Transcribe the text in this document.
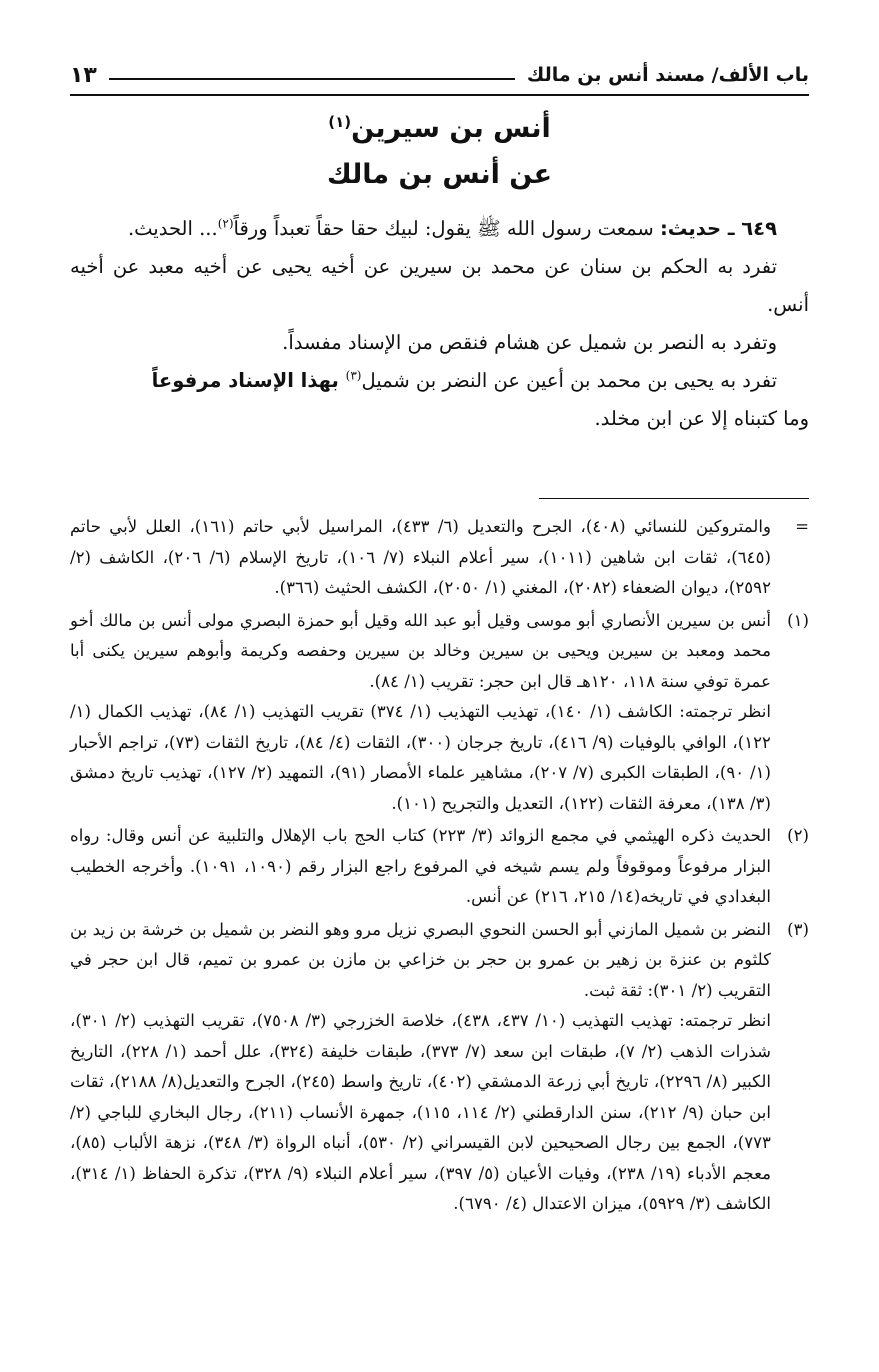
باب الألف/ مسند أنس بن مالك
١٣
أنس بن سيرين$^{(١)}$
عن أنس بن مالك

٦٤٩ ـ حديث: سمعت رسول الله ﷺ يقول: لبيك حقا حقاً تعبداً ورقاً$^{(٢)}$... الحديث.

تفرد به الحكم بن سنان عن محمد بن سيرين عن أخيه يحيى عن أخيه معبد عن أخيه أنس.

وتفرد به النصر بن شميل عن هشام فنقص من الإسناد مفسداً.

تفرد به يحيى بن محمد بن أعين عن النضر بن شميل$^{(٣)}$ بهذا الإسناد مرفوعاً

وما كتبناه إلا عن ابن مخلد.

=

والمتروكين للنسائي (٤٠٨)، الجرح والتعديل (٦/ ٤٣٣)، المراسيل لأبي حاتم (١٦١)، العلل لأبي حاتم (٦٤٥)، ثقات ابن شاهين (١٠١١)، سير أعلام النبلاء (٧/ ١٠٦)، تاريخ الإسلام (٦/ ٢٠٦)، الكاشف (٢/ ٢٥٩٢)، ديوان الضعفاء (٢٠٨٢)، المغني (١/ ٢٠٥٠)، الكشف الحثيث (٣٦٦).

(١)

أنس بن سيرين الأنصاري أبو موسى وقيل أبو عبد الله وقيل أبو حمزة البصري مولى أنس بن مالك أخو محمد ومعبد بن سيرين ويحيى بن سيرين وخالد بن سيرين وحفصه وكريمة وأبوهم سيرين يكنى أبا عمرة توفي سنة ١١٨، ١٢٠هـ قال ابن حجر: تقريب (١/ ٨٤).

انظر ترجمته: الكاشف (١/ ١٤٠)، تهذيب التهذيب (١/ ٣٧٤) تقريب التهذيب (١/ ٨٤)، تهذيب الكمال (١/ ١٢٢)، الوافي بالوفيات (٩/ ٤١٦)، تاريخ جرجان (٣٠٠)، الثقات (٤/ ٨٤)، تاريخ الثقات (٧٣)، تراجم الأحبار (١/ ٩٠)، الطبقات الكبرى (٧/ ٢٠٧)، مشاهير علماء الأمصار (٩١)، التمهيد (٢/ ١٢٧)، تهذيب تاريخ دمشق (٣/ ١٣٨)، معرفة الثقات (١٢٢)، التعديل والتجريح (١٠١).

(٢)

الحديث ذكره الهيثمي في مجمع الزوائد (٣/ ٢٢٣) كتاب الحج باب الإهلال والتلبية عن أنس وقال: رواه البزار مرفوعاً وموقوفاً ولم يسم شيخه في المرفوع راجع البزار رقم (١٠٩٠، ١٠٩١). وأخرجه الخطيب البغدادي في تاريخه(١٤/ ٢١٥، ٢١٦) عن أنس.

(٣)

النضر بن شميل المازني أبو الحسن النحوي البصري نزيل مرو وهو النضر بن شميل بن خرشة بن زيد بن كلثوم بن عنزة بن زهير بن عمرو بن حجر بن خزاعي بن مازن بن عمرو بن تميم، قال ابن حجر في التقريب (٢/ ٣٠١): ثقة ثبت.

انظر ترجمته: تهذيب التهذيب (١٠/ ٤٣٧، ٤٣٨)، خلاصة الخزرجي (٣/ ٧٥٠٨)، تقريب التهذيب (٢/ ٣٠١)، شذرات الذهب (٢/ ٧)، طبقات ابن سعد (٧/ ٣٧٣)، طبقات خليفة (٣٢٤)، علل أحمد (١/ ٢٢٨)، التاريخ الكبير (٨/ ٢٢٩٦)، تاريخ أبي زرعة الدمشقي (٤٠٢)، تاريخ واسط (٢٤٥)، الجرح والتعديل(٨/ ٢١٨٨)، ثقات ابن حبان (٩/ ٢١٢)، سنن الدارقطني (٢/ ١١٤، ١١٥)، جمهرة الأنساب (٢١١)، رجال البخاري للباجي (٢/ ٧٧٣)، الجمع بين رجال الصحيحين لابن القيسراني (٢/ ٥٣٠)، أنباه الرواة (٣/ ٣٤٨)، نزهة الألباب (٨٥)، معجم الأدباء (١٩/ ٢٣٨)، وفيات الأعيان (٥/ ٣٩٧)، سير أعلام النبلاء (٩/ ٣٢٨)، تذكرة الحفاظ (١/ ٣١٤)، الكاشف (٣/ ٥٩٢٩)، ميزان الاعتدال (٤/ ٦٧٩٠).
